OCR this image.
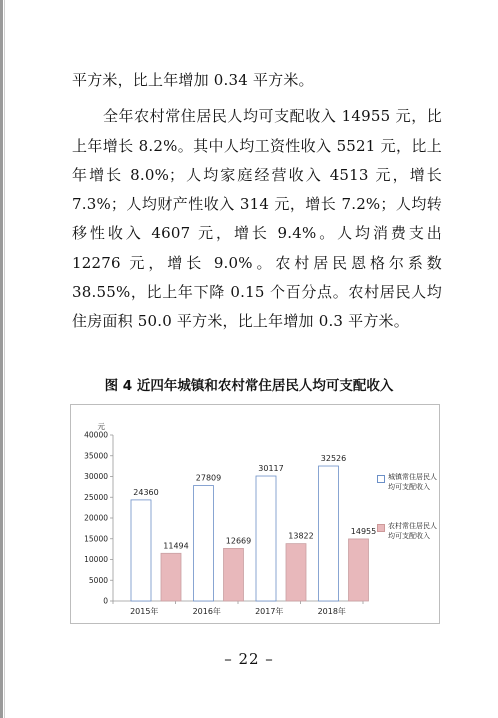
平方米，比上年增加 0.34 平方米。

全年农村常住居民人均可支配收入 14955 元，比上年增长 8.2%。其中人均工资性收入 5521 元，比上年增长 8.0%；人均家庭经营收入 4513 元，增长 7.3%；人均财产性收入 314 元，增长 7.2%；人均转移性收入 4607 元，增长 9.4%。人均消费支出 12276 元，增长 9.0%。农村居民恩格尔系数 38.55%，比上年下降 0.15 个百分点。农村居民人均住房面积 50.0 平方米，比上年增加 0.3 平方米。

图 4 近四年城镇和农村常住居民人均可支配收入
元
0
5000
10000
15000
20000
25000
30000
35000
40000
24360
11494
2015年
27809
12669
2016年
30117
13822
2017年
32526
14955
2018年
城镇常住居民人均可支配收入
农村常住居民人均可支配收入
– 22 –
